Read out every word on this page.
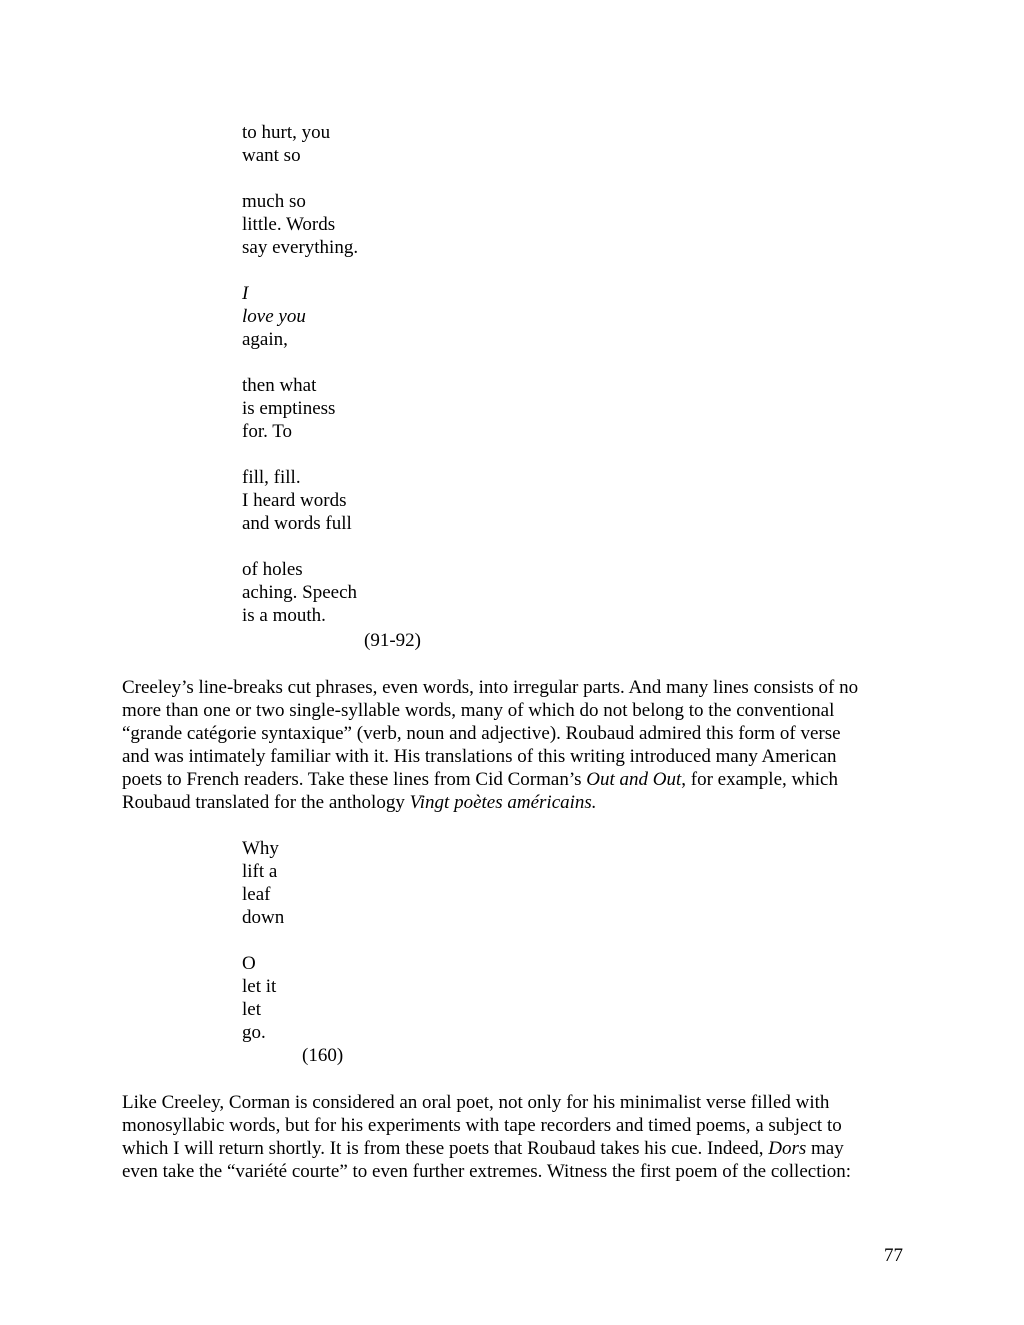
to hurt, you
want so
much so
little. Words
say everything.
I
love you
again,
then what
is emptiness
for. To
fill, fill.
I heard words
and words full
of holes
aching. Speech
is a mouth.
(91-92)
Creeley’s line-breaks cut phrases, even words, into irregular parts. And many lines consists of no
more than one or two single-syllable words, many of which do not belong to the conventional
“grande catégorie syntaxique” (verb, noun and adjective). Roubaud admired this form of verse
and was intimately familiar with it. His translations of this writing introduced many American
poets to French readers. Take these lines from Cid Corman’s Out and Out, for example, which
Roubaud translated for the anthology Vingt poètes américains.
Why
lift a
leaf
down
O
let it
let
go.
(160)
Like Creeley, Corman is considered an oral poet, not only for his minimalist verse filled with
monosyllabic words, but for his experiments with tape recorders and timed poems, a subject to
which I will return shortly. It is from these poets that Roubaud takes his cue. Indeed, Dors may
even take the “variété courte” to even further extremes. Witness the first poem of the collection:
77
